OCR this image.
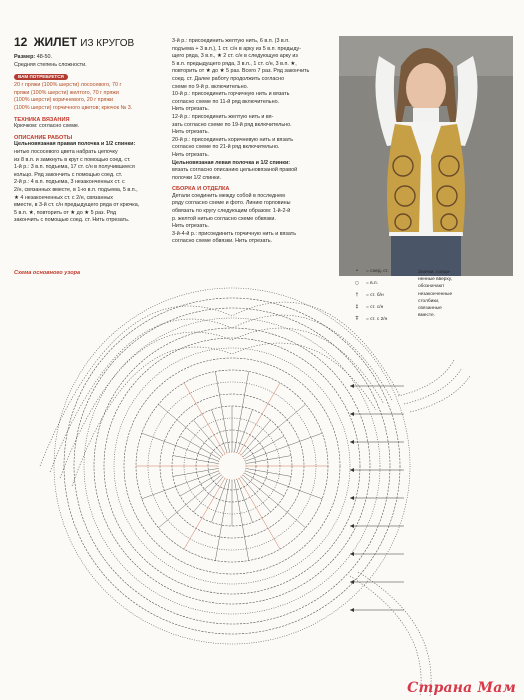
12 ЖИЛЕТ ИЗ КРУГОВ

Размер: 48-50.

Средняя степень сложности.

ВАМ ПОТРЕБУЕТСЯ

20 г пряжи (100% шерсти) лососевого, 70 г

пряжи (100% шерсти) желтого, 70 г пряжи

(100% шерсти) коричневого, 20 г пряжи

(100% шерсти) горчичного цветов; крючок № 3.

ТЕХНИКА ВЯЗАНИЯ

Крючком: согласно схеме.

ОПИСАНИЕ РАБОТЫ

Цельновязаная правая полочка и 1/2 спинки:

нитью лососевого цвета набрать цепочку

из 8 в.п. и замкнуть в круг с помощью соед. ст.

1-й р.: 3 в.п. подъема, 17 ст. с/н в получившееся

кольцо. Ряд закончить с помощью соед. ст.

2-й р.: 4 в.п. подъема, 3 незаконченных ст. с

2/н, связанных вместе, в 1-ю в.п. подъема, 5 в.п.,

★ 4 незаконченных ст. с 2/н, связанных

вместе, в 3-й ст. с/н предыдущего ряда от крючка,

5 в.п. ★, повторить от ★ до ★ 5 раз. Ряд

закончить с помощью соед. ст. Нить отрезать.

3-й р.: присоединить желтую нить, 6 в.п. (3 в.п.

подъема + 3 в.п.), 1 ст. с/н в арку из 5 в.п. предыду-

щего ряда, 3 в.п., ★ 2 ст. с/н в следующую арку из

5 в.п. предыдущего ряда, 3 в.п., 1 ст. с/н, 3 в.п. ★,

повторить от ★ до ★ 5 раз. Всего 7 раз. Ряд закончить

соед. ст. Далее работу продолжить согласно

схеме по 9-й р. включительно.

10-й р.: присоединить горчичную нить и вязать

согласно схеме по 11-й ряд включительно.

Нить отрезать.

12-й р.: присоединить желтую нить и вя-

зать согласно схеме по 19-й ряд включительно.

Нить отрезать.

20-й р.: присоединить коричневую нить и вязать

согласно схеме по 21-й ряд включительно.

Нить отрезать.

Цельновязаная левая полочка и 1/2 спинки:

вязать согласно описанию цельновязаной правой

полочки 1/2 спинки.

СБОРКА И ОТДЕЛКА

Детали соединить между собой в последнем

ряду согласно схеме и фото. Линию горловины

обвязать по кругу следующим образом: 1-й-2-й

р. желтой нитью согласно схеме обвязки.

Нить отрезать.

3-й-4-й р.: присоединить горчичную нить и вязать

согласно схеме обвязки. Нить отрезать.

Схема основного узора	•	= соед. ст.
○	= в.п.
†	= ст. б/н
‡	= ст. с/н
Ŧ	= ст. с 2/н

Значки, соеди-

ненные вверху,

обозначают

незаконченные

столбики,

связанные

вместе.

Страна Мам
